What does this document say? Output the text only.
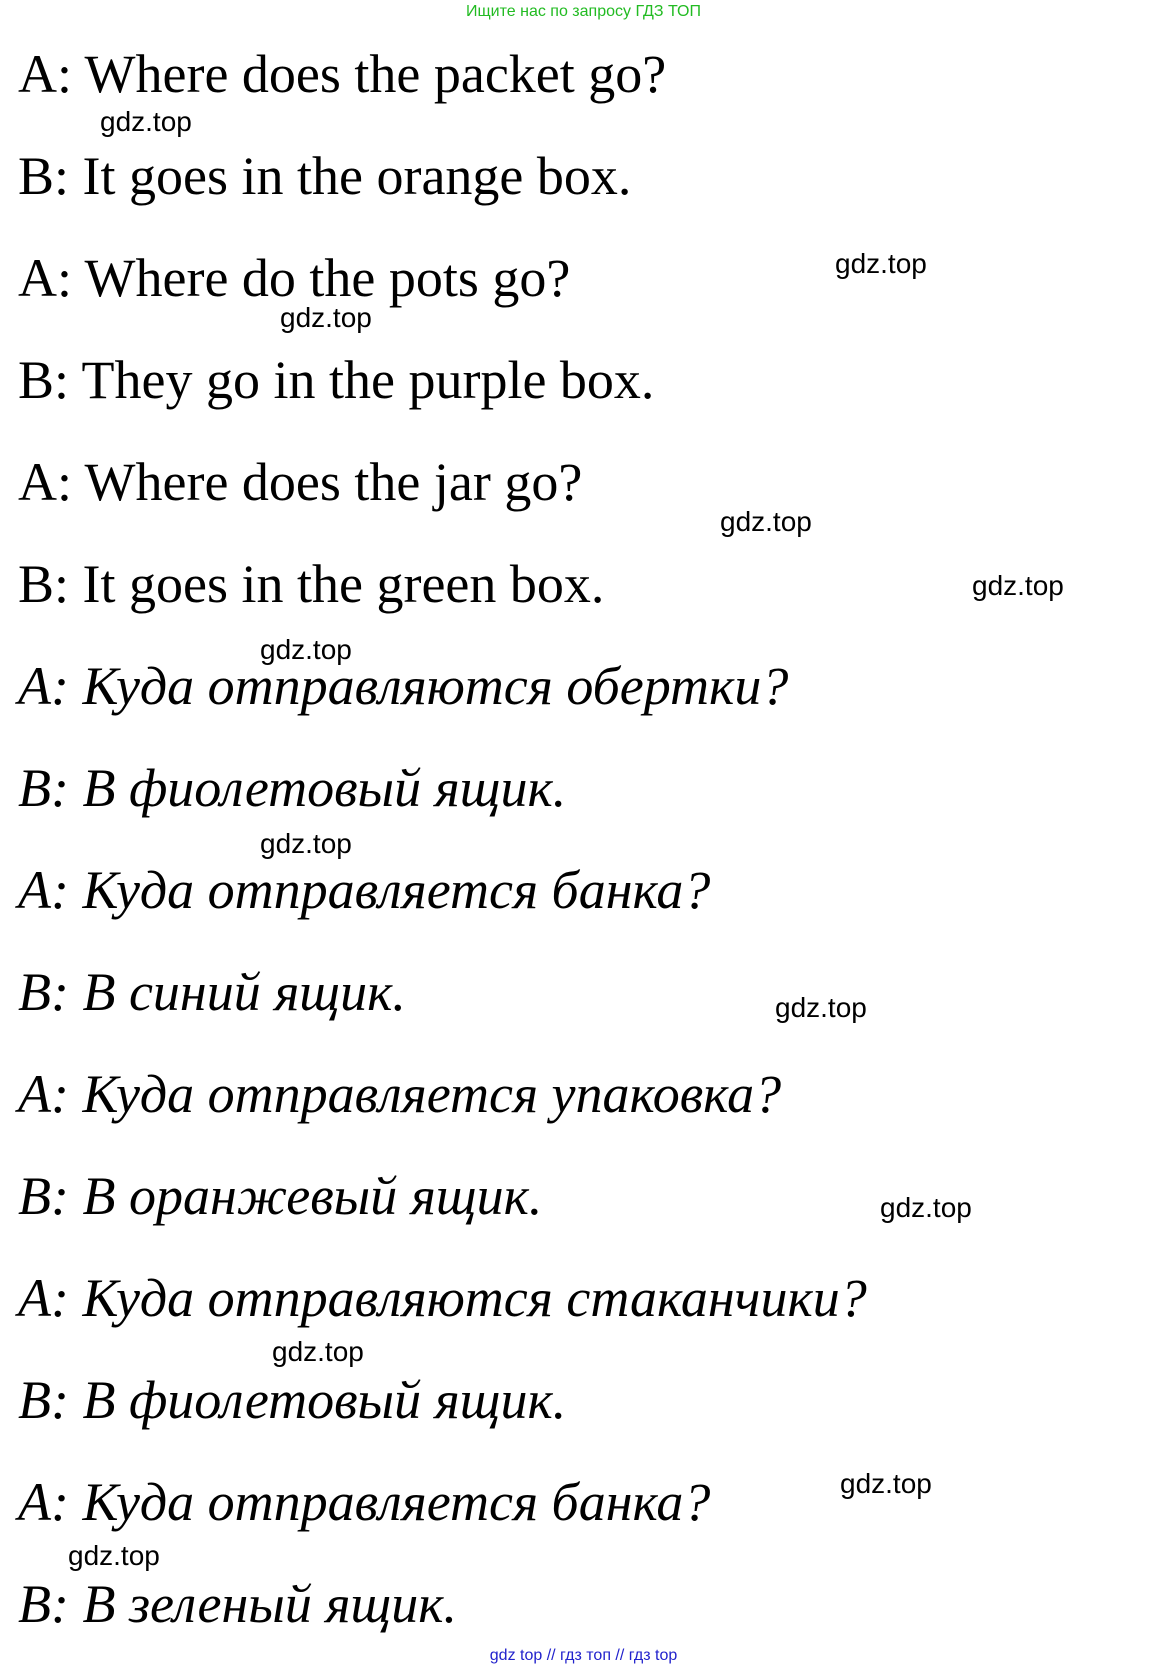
Ищите нас по запросу ГДЗ ТОП
A: Where does the packet go?
B: It goes in the orange box.
A: Where do the pots go?
B: They go in the purple box.
A: Where does the jar go?
B: It goes in the green box.
A: Куда отправляются обертки?
B: В фиолетовый ящик.
A: Куда отправляется банка?
B: В синий ящик.
A: Куда отправляется упаковка?
B: В оранжевый ящик.
A: Куда отправляются стаканчики?
B: В фиолетовый ящик.
A: Куда отправляется банка?
B: В зеленый ящик.
gdz.top
gdz.top
gdz.top
gdz.top
gdz.top
gdz.top
gdz.top
gdz.top
gdz.top
gdz.top
gdz.top
gdz.top
gdz top // гдз топ // гдз top
